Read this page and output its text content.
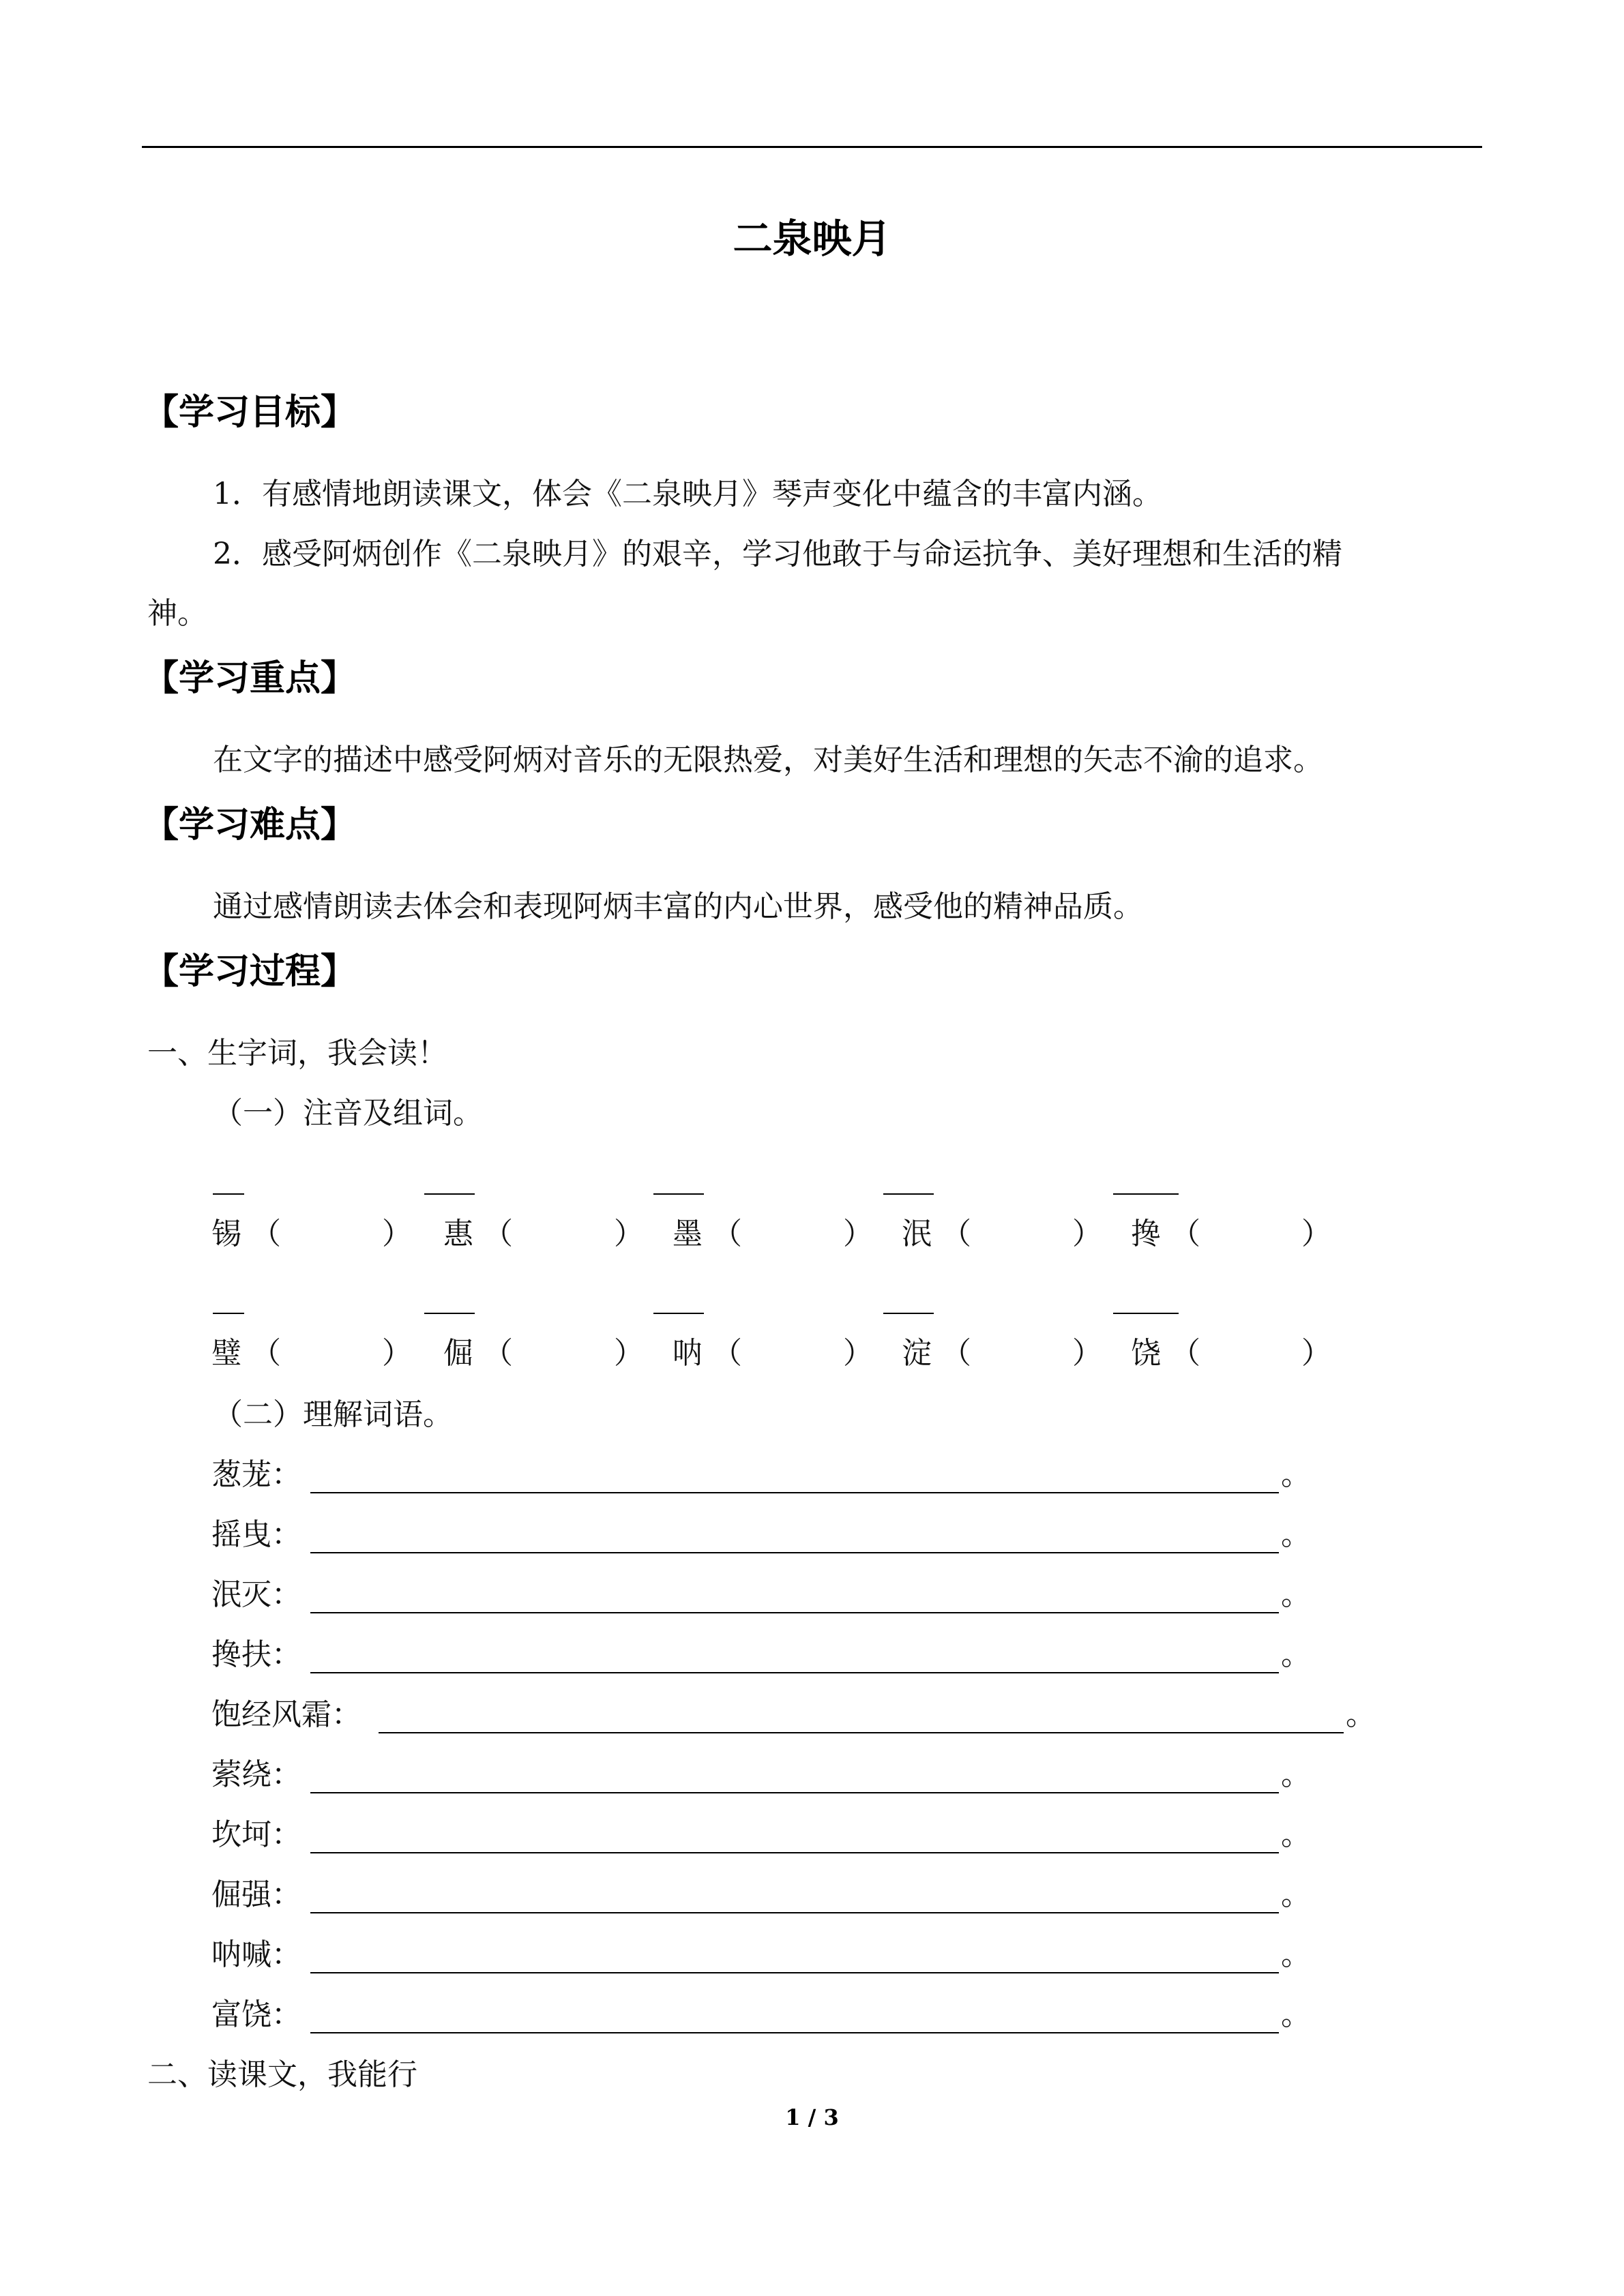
二泉映月
【学习目标】
1．有感情地朗读课文，体会《二泉映月》琴声变化中蕴含的丰富内涵。
2．感受阿炳创作《二泉映月》的艰辛，学习他敢于与命运抗争、美好理想和生活的精
神。
【学习重点】
在文字的描述中感受阿炳对音乐的无限热爱，对美好生活和理想的矢志不渝的追求。
【学习难点】
通过感情朗读去体会和表现阿炳丰富的内心世界，感受他的精神品质。
【学习过程】
一、生字词，我会读！
（一）注音及组词。
锡 （	） 惠 （	） 墨 （	） 泯 （	） 搀 （	）
璧 （	） 倔 （	） 呐 （	） 淀 （	） 饶 （	）
（二）理解词语。
葱茏：	。
摇曳：	。
泯灭：	。
搀扶：	。
饱经风霜：	。
萦绕：	。
坎坷：	。
倔强：	。
呐喊：	。
富饶：	。
二、读课文，我能行
1 / 3
